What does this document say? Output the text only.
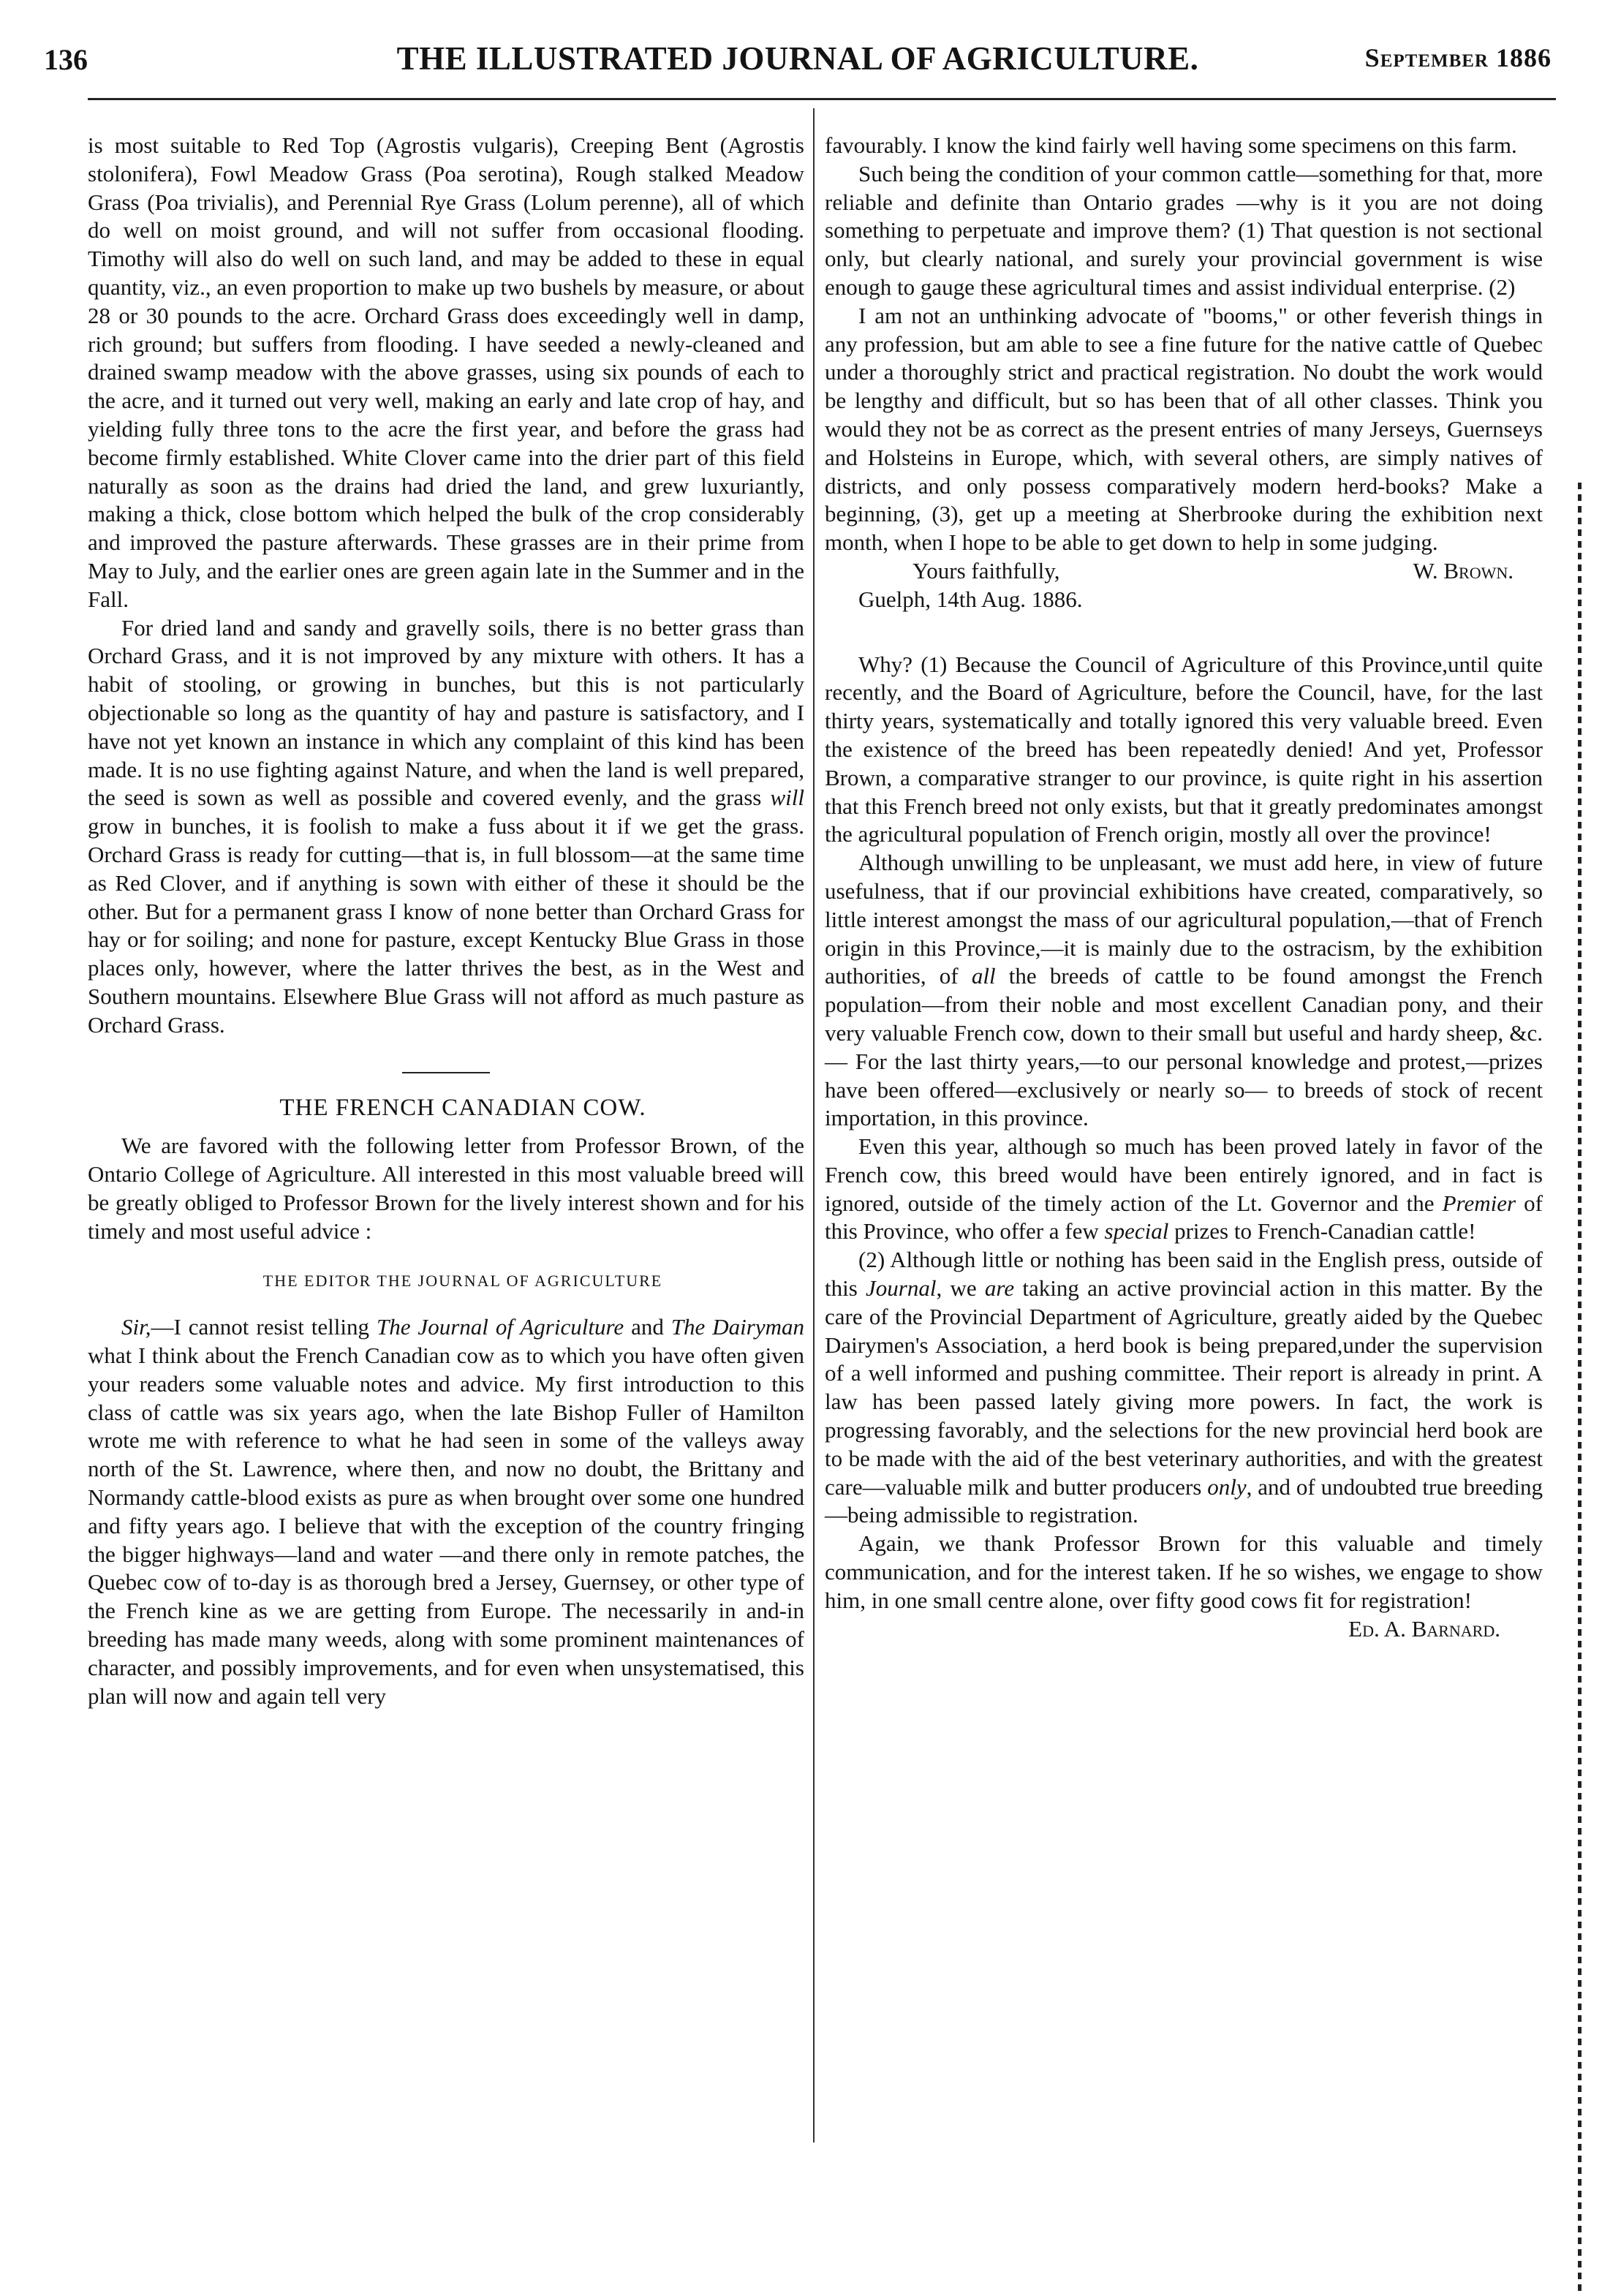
136	THE ILLUSTRATED JOURNAL OF AGRICULTURE.	September 1886

is most suitable to Red Top (Agrostis vulgaris), Creeping Bent (Agrostis stolonifera), Fowl Meadow Grass (Poa serotina), Rough stalked Meadow Grass (Poa trivialis), and Perennial Rye Grass (Lolum perenne), all of which do well on moist ground, and will not suffer from occasional flooding. Timothy will also do well on such land, and may be added to these in equal quantity, viz., an even proportion to make up two bushels by measure, or about 28 or 30 pounds to the acre. Orchard Grass does exceedingly well in damp, rich ground; but suffers from flooding. I have seeded a newly-cleaned and drained swamp meadow with the above grasses, using six pounds of each to the acre, and it turned out very well, making an early and late crop of hay, and yielding fully three tons to the acre the first year, and before the grass had become firmly established. White Clover came into the drier part of this field naturally as soon as the drains had dried the land, and grew luxuriantly, making a thick, close bottom which helped the bulk of the crop considerably and improved the pasture afterwards. These grasses are in their prime from May to July, and the earlier ones are green again late in the Summer and in the Fall.

For dried land and sandy and gravelly soils, there is no better grass than Orchard Grass, and it is not improved by any mixture with others. It has a habit of stooling, or growing in bunches, but this is not particularly objectionable so long as the quantity of hay and pasture is satisfactory, and I have not yet known an instance in which any complaint of this kind has been made. It is no use fighting against Nature, and when the land is well prepared, the seed is sown as well as possible and covered evenly, and the grass will grow in bunches, it is foolish to make a fuss about it if we get the grass. Orchard Grass is ready for cutting—that is, in full blossom—at the same time as Red Clover, and if anything is sown with either of these it should be the other. But for a permanent grass I know of none better than Orchard Grass for hay or for soiling; and none for pasture, except Kentucky Blue Grass in those places only, however, where the latter thrives the best, as in the West and Southern mountains. Elsewhere Blue Grass will not afford as much pasture as Orchard Grass.

THE FRENCH CANADIAN COW.

We are favored with the following letter from Professor Brown, of the Ontario College of Agriculture. All interested in this most valuable breed will be greatly obliged to Professor Brown for the lively interest shown and for his timely and most useful advice :

THE EDITOR THE JOURNAL OF AGRICULTURE

Sir,—I cannot resist telling The Journal of Agriculture and The Dairyman what I think about the French Canadian cow as to which you have often given your readers some valuable notes and advice. My first introduction to this class of cattle was six years ago, when the late Bishop Fuller of Hamilton wrote me with reference to what he had seen in some of the valleys away north of the St. Lawrence, where then, and now no doubt, the Brittany and Normandy cattle-blood exists as pure as when brought over some one hundred and fifty years ago. I believe that with the exception of the country fringing the bigger highways—land and water —and there only in remote patches, the Quebec cow of to-day is as thorough bred a Jersey, Guernsey, or other type of the French kine as we are getting from Europe. The necessarily in and-in breeding has made many weeds, along with some prominent maintenances of character, and possibly improvements, and for even when unsystematised, this plan will now and again tell very

favourably. I know the kind fairly well having some specimens on this farm.

Such being the condition of your common cattle—something for that, more reliable and definite than Ontario grades —why is it you are not doing something to perpetuate and improve them? (1) That question is not sectional only, but clearly national, and surely your provincial government is wise enough to gauge these agricultural times and assist individual enterprise. (2)

I am not an unthinking advocate of "booms," or other feverish things in any profession, but am able to see a fine future for the native cattle of Quebec under a thoroughly strict and practical registration. No doubt the work would be lengthy and difficult, but so has been that of all other classes. Think you would they not be as correct as the present entries of many Jerseys, Guernseys and Holsteins in Europe, which, with several others, are simply natives of districts, and only possess comparatively modern herd-books? Make a beginning, (3), get up a meeting at Sherbrooke during the exhibition next month, when I hope to be able to get down to help in some judging.

Yours faithfully,	W. Brown.
Guelph, 14th Aug. 1886.

Why? (1) Because the Council of Agriculture of this Province,until quite recently, and the Board of Agriculture, before the Council, have, for the last thirty years, systematically and totally ignored this very valuable breed. Even the existence of the breed has been repeatedly denied! And yet, Professor Brown, a comparative stranger to our province, is quite right in his assertion that this French breed not only exists, but that it greatly predominates amongst the agricultural population of French origin, mostly all over the province!

Although unwilling to be unpleasant, we must add here, in view of future usefulness, that if our provincial exhibitions have created, comparatively, so little interest amongst the mass of our agricultural population,—that of French origin in this Province,—it is mainly due to the ostracism, by the exhibition authorities, of all the breeds of cattle to be found amongst the French population—from their noble and most excellent Canadian pony, and their very valuable French cow, down to their small but useful and hardy sheep, &c.— For the last thirty years,—to our personal knowledge and protest,—prizes have been offered—exclusively or nearly so— to breeds of stock of recent importation, in this province.

Even this year, although so much has been proved lately in favor of the French cow, this breed would have been entirely ignored, and in fact is ignored, outside of the timely action of the Lt. Governor and the Premier of this Province, who offer a few special prizes to French-Canadian cattle!

(2) Although little or nothing has been said in the English press, outside of this Journal, we are taking an active provincial action in this matter. By the care of the Provincial Department of Agriculture, greatly aided by the Quebec Dairymen's Association, a herd book is being prepared,under the supervision of a well informed and pushing committee. Their report is already in print. A law has been passed lately giving more powers. In fact, the work is progressing favorably, and the selections for the new provincial herd book are to be made with the aid of the best veterinary authorities, and with the greatest care—valuable milk and butter producers only, and of undoubted true breeding—being admissible to registration.

Again, we thank Professor Brown for this valuable and timely communication, and for the interest taken. If he so wishes, we engage to show him, in one small centre alone, over fifty good cows fit for registration!

Ed. A. Barnard.
